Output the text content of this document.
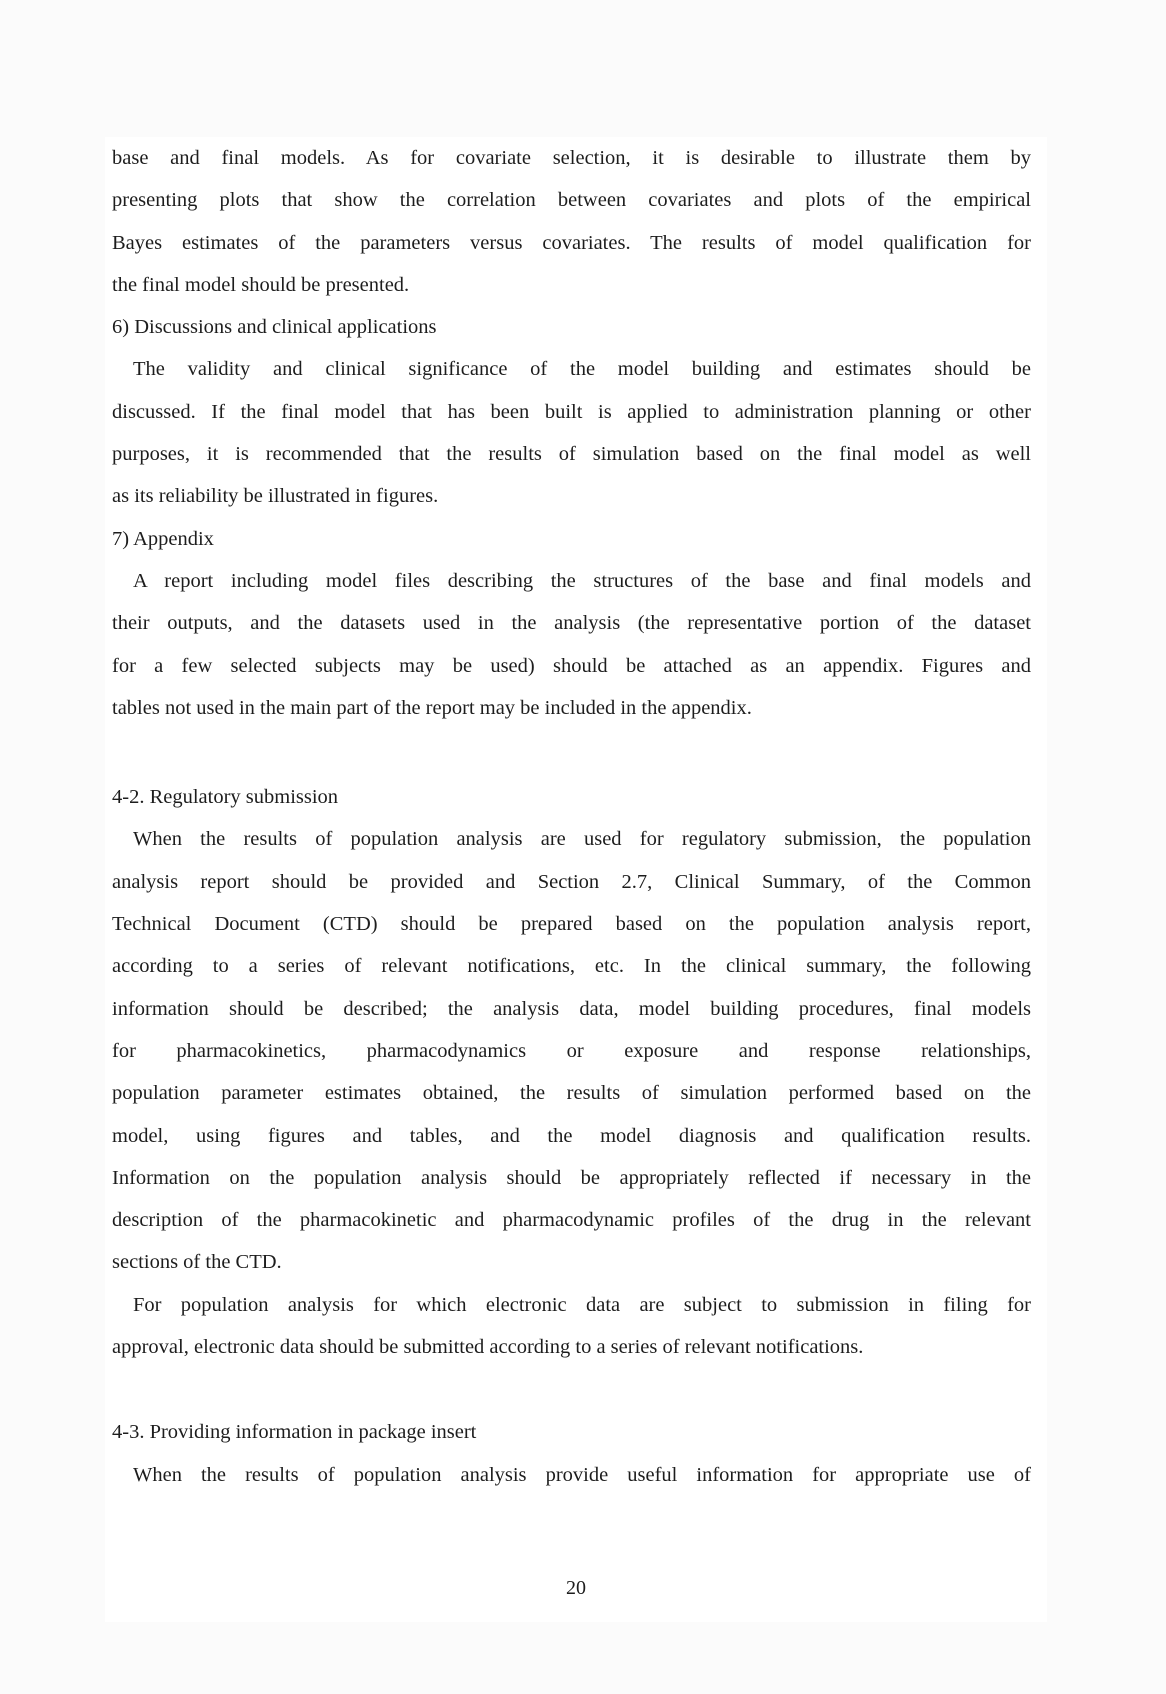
base and final models. As for covariate selection, it is desirable to illustrate them by
presenting plots that show the correlation between covariates and plots of the empirical
Bayes estimates of the parameters versus covariates. The results of model qualification for
the final model should be presented.
6) Discussions and clinical applications
The validity and clinical significance of the model building and estimates should be
discussed. If the final model that has been built is applied to administration planning or other
purposes, it is recommended that the results of simulation based on the final model as well
as its reliability be illustrated in figures.
7) Appendix
A report including model files describing the structures of the base and final models and
their outputs, and the datasets used in the analysis (the representative portion of the dataset
for a few selected subjects may be used) should be attached as an appendix. Figures and
tables not used in the main part of the report may be included in the appendix.
4-2. Regulatory submission
When the results of population analysis are used for regulatory submission, the population
analysis report should be provided and Section 2.7, Clinical Summary, of the Common
Technical Document (CTD) should be prepared based on the population analysis report,
according to a series of relevant notifications, etc. In the clinical summary, the following
information should be described; the analysis data, model building procedures, final models
for pharmacokinetics, pharmacodynamics or exposure and response relationships,
population parameter estimates obtained, the results of simulation performed based on the
model, using figures and tables, and the model diagnosis and qualification results.
Information on the population analysis should be appropriately reflected if necessary in the
description of the pharmacokinetic and pharmacodynamic profiles of the drug in the relevant
sections of the CTD.
For population analysis for which electronic data are subject to submission in filing for
approval, electronic data should be submitted according to a series of relevant notifications.
4-3. Providing information in package insert
When the results of population analysis provide useful information for appropriate use of
20
